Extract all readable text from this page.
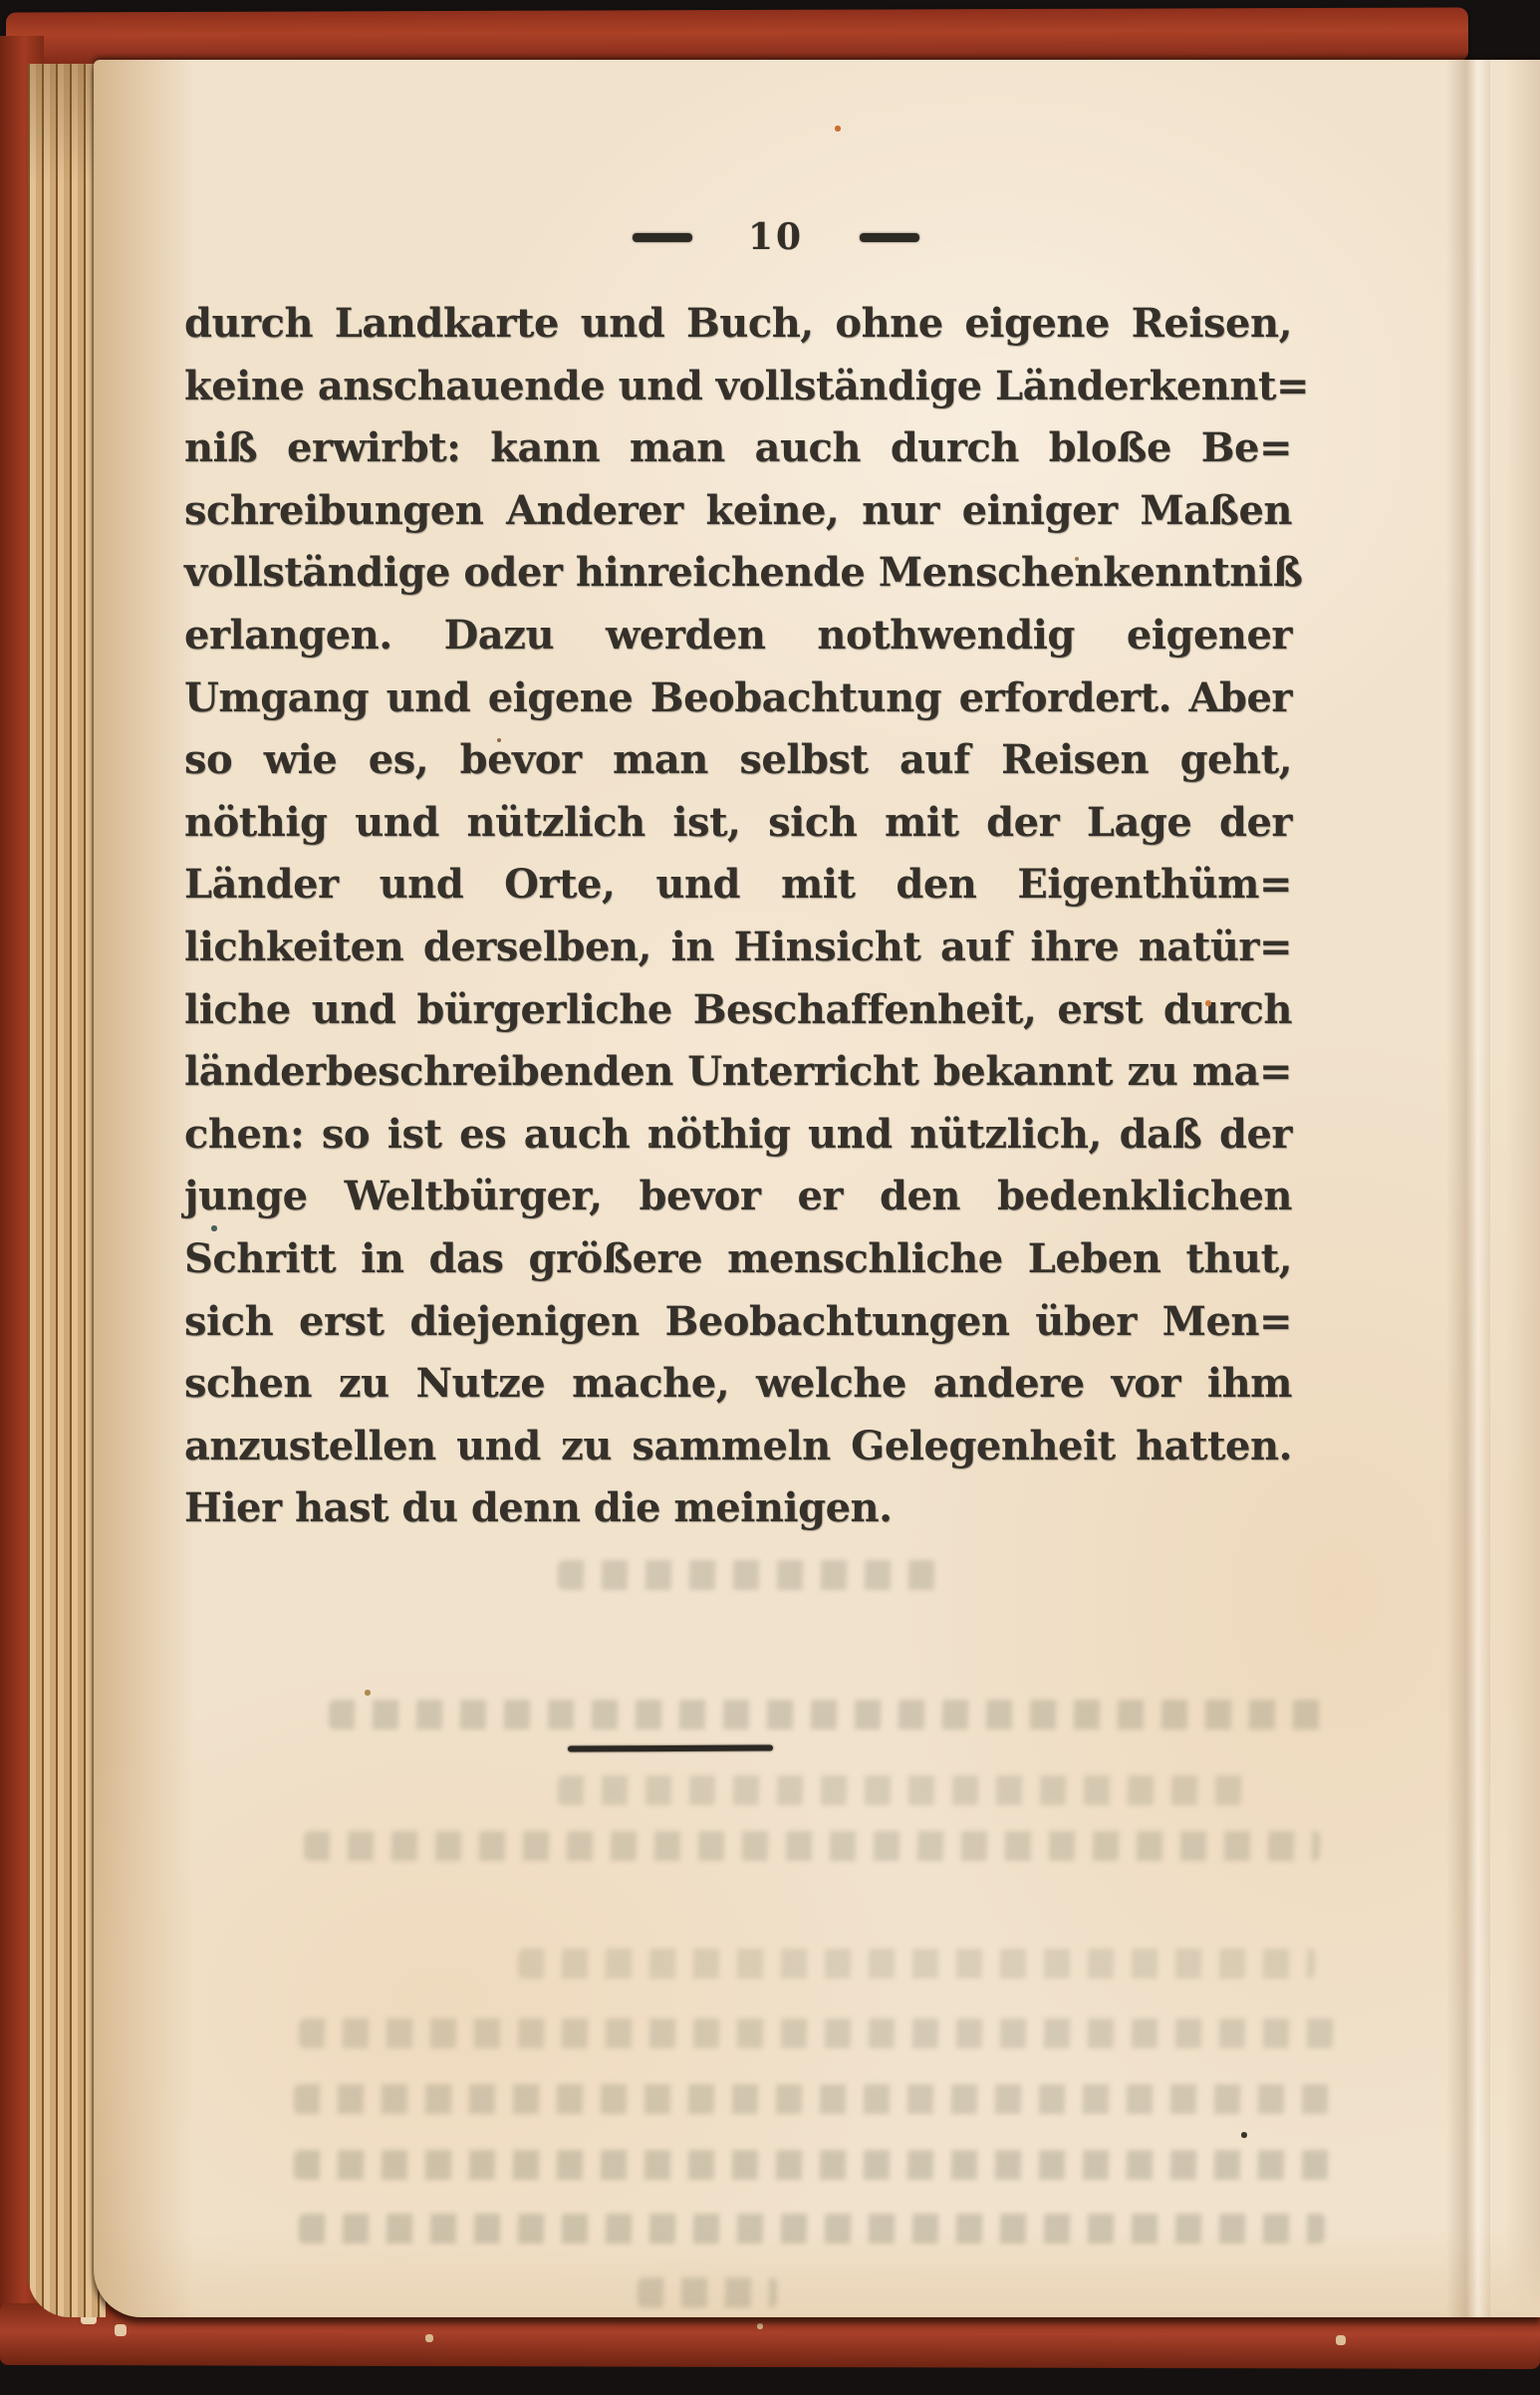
10
durch Landkarte und Buch, ohne eigene Reisen,
keine anschauende und vollständige Länderkennt=
niß erwirbt: kann man auch durch bloße Be=
schreibungen Anderer keine, nur einiger Maßen
vollständige oder hinreichende Menschenkenntniß
erlangen. Dazu werden nothwendig eigener
Umgang und eigene Beobachtung erfordert. Aber
so wie es, bevor man selbst auf Reisen geht,
nöthig und nützlich ist, sich mit der Lage der
Länder und Orte, und mit den Eigenthüm=
lichkeiten derselben, in Hinsicht auf ihre natür=
liche und bürgerliche Beschaffenheit, erst durch
länderbeschreibenden Unterricht bekannt zu ma=
chen: so ist es auch nöthig und nützlich, daß der
junge Weltbürger, bevor er den bedenklichen
Schritt in das größere menschliche Leben thut,
sich erst diejenigen Beobachtungen über Men=
schen zu Nutze mache, welche andere vor ihm
anzustellen und zu sammeln Gelegenheit hatten.
Hier hast du denn die meinigen.
